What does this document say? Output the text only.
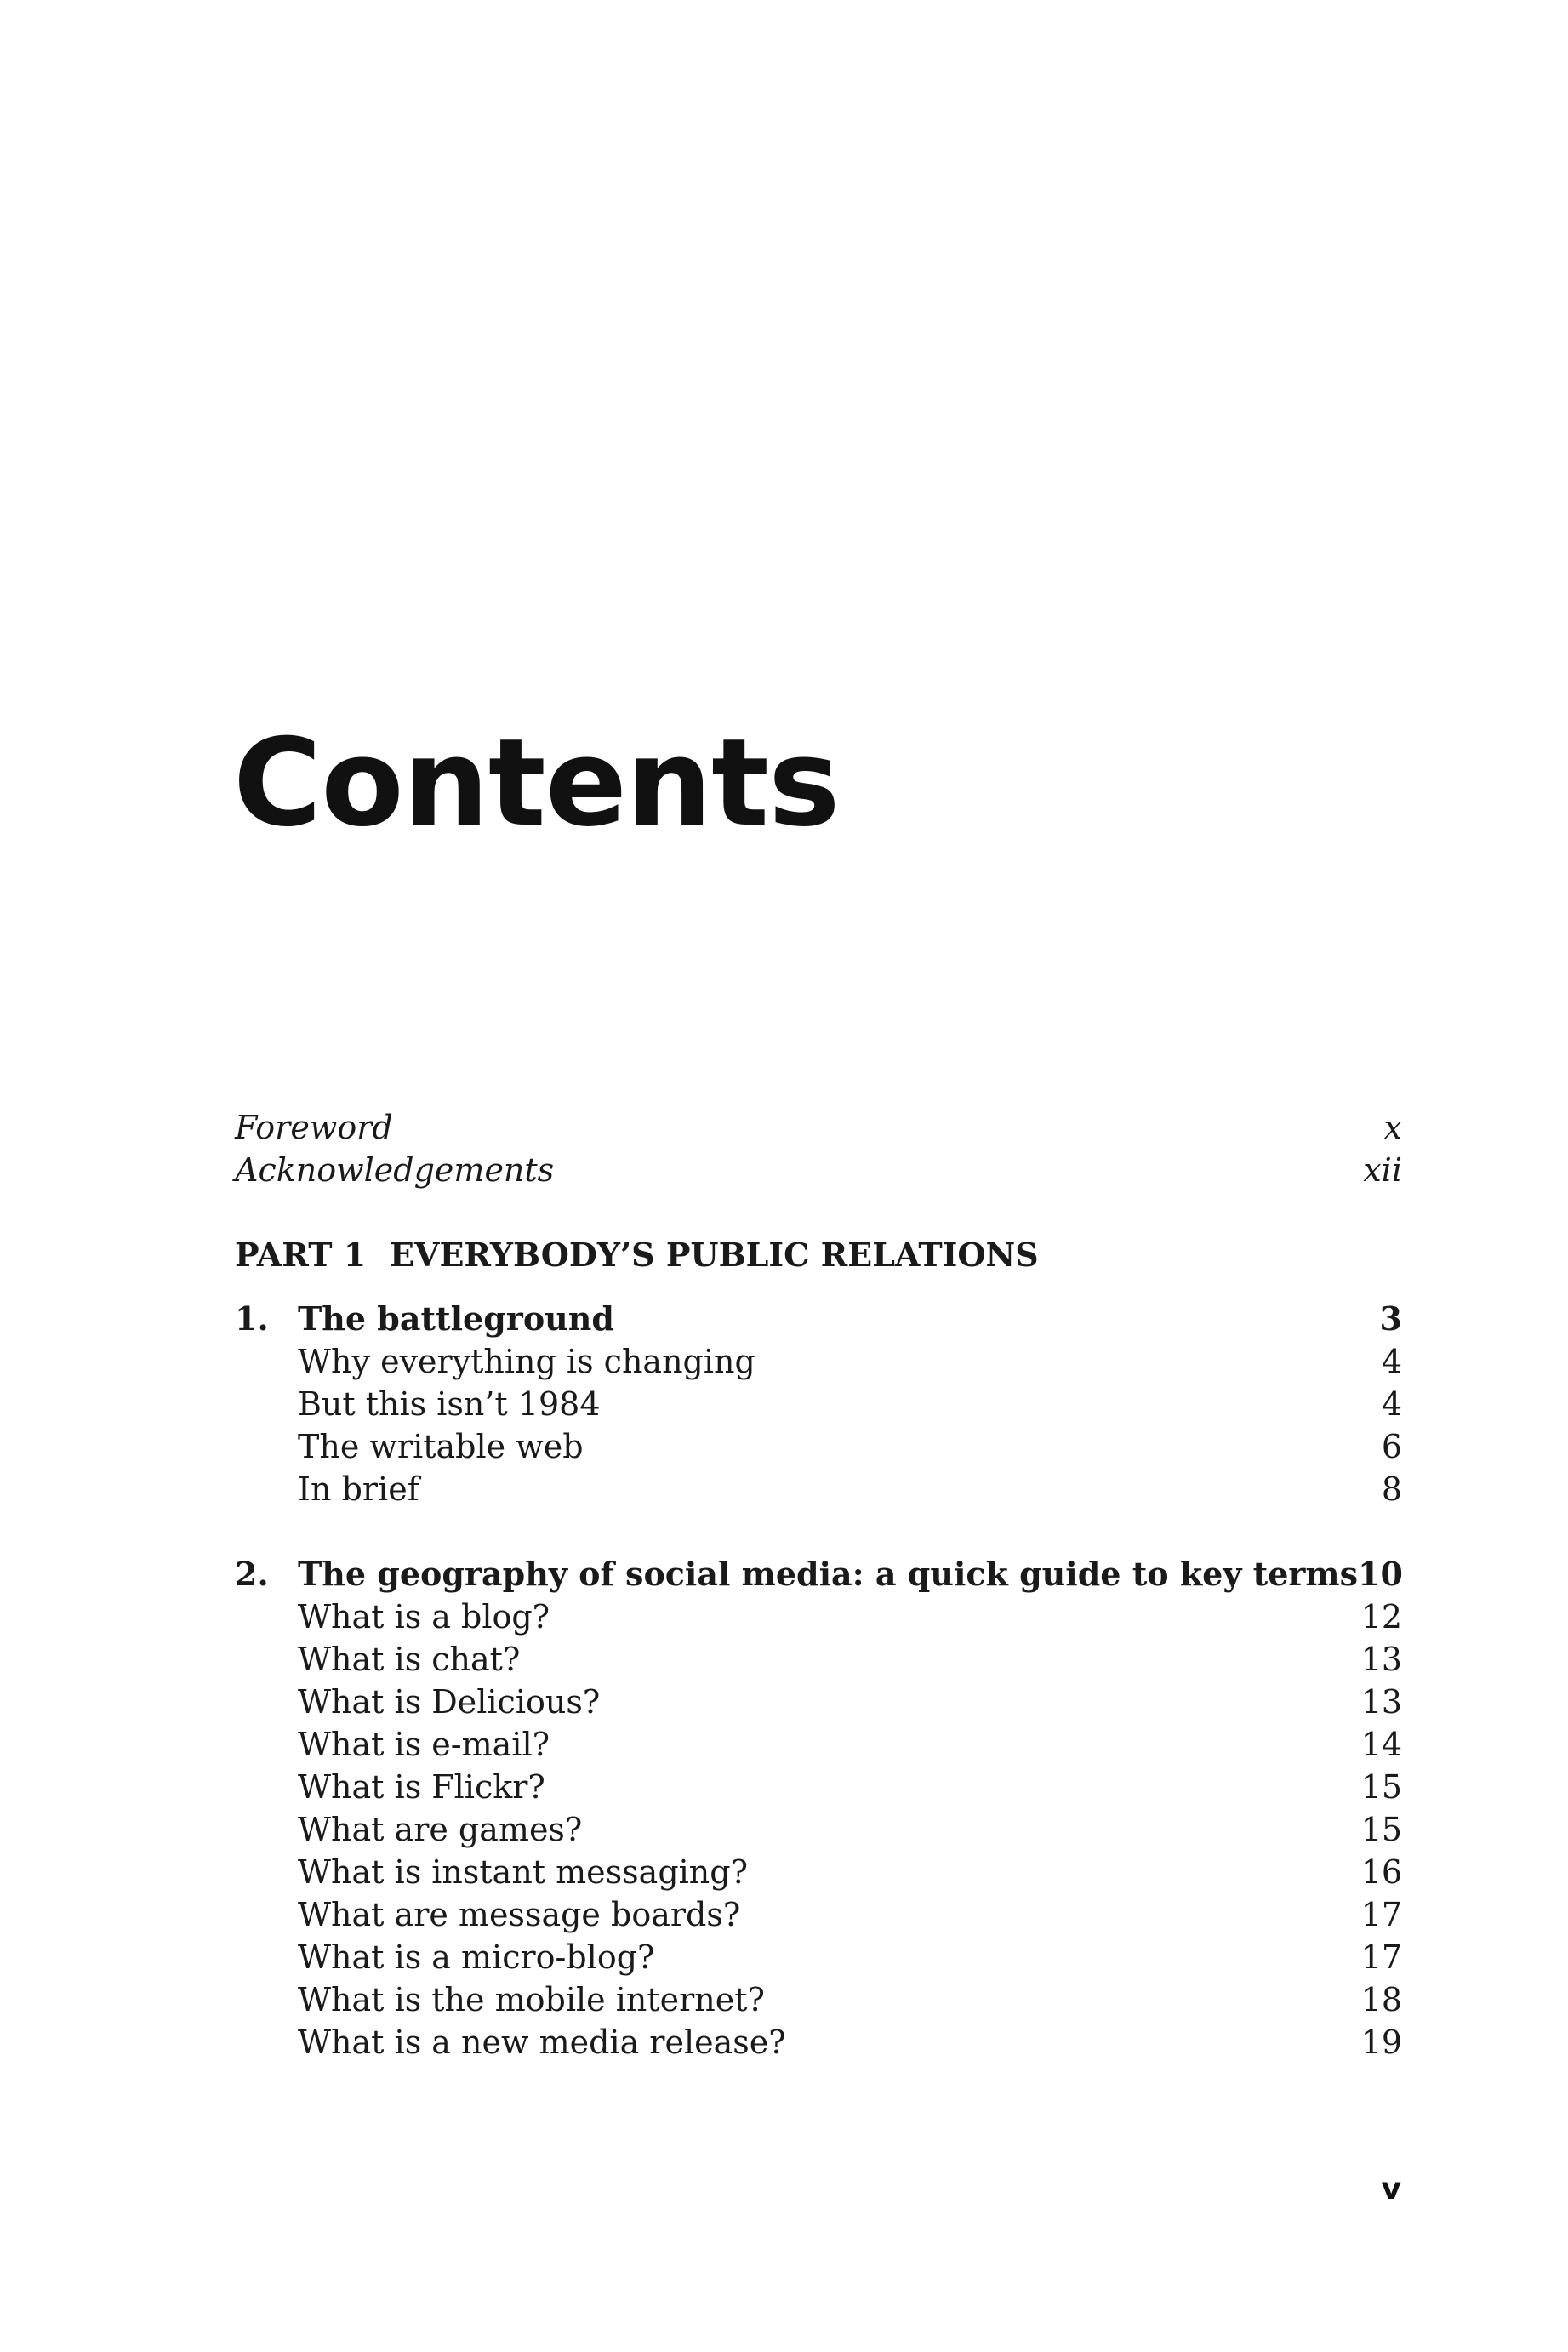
Contents
Foreword	x
Acknowledgements	xii
PART 1 EVERYBODY’S PUBLIC RELATIONS
1. The battleground	3
Why everything is changing	4
But this isn’t 1984	4
The writable web	6
In brief	8
2. The geography of social media: a quick guide to key terms 10
What is a blog?	12
What is chat?	13
What is Delicious?	13
What is e-mail?	14
What is Flickr?	15
What are games?	15
What is instant messaging?	16
What are message boards?	17
What is a micro-blog?	17
What is the mobile internet?	18
What is a new media release?	19
v
